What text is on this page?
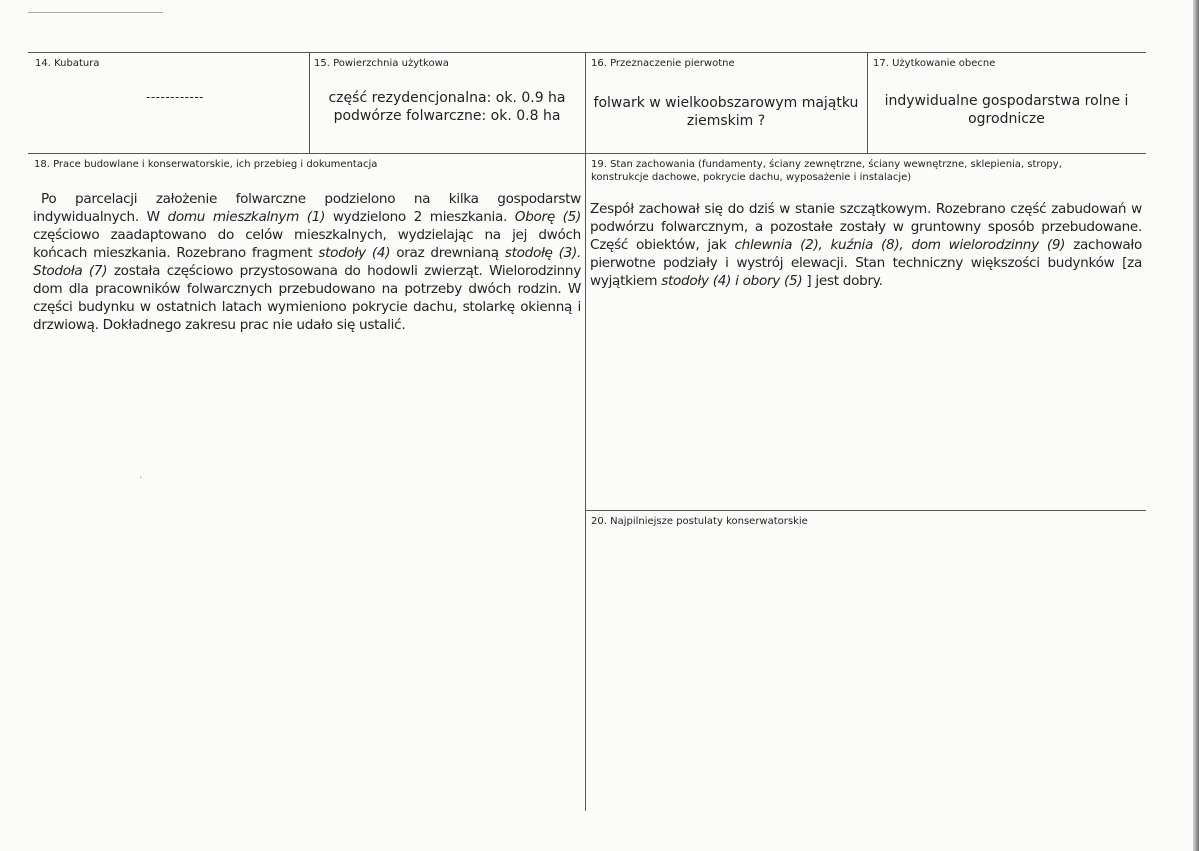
14. Kubatura
------------
15. Powierzchnia użytkowa
część rezydencjonalna: ok. 0.9 ha
podwórze folwarczne: ok. 0.8 ha
16. Przeznaczenie pierwotne
folwark w wielkoobszarowym majątku
ziemskim ?
17. Użytkowanie obecne
indywidualne gospodarstwa rolne i
ogrodnicze
18. Prace budowlane i konserwatorskie, ich przebieg i dokumentacja
Po parcelacji założenie folwarczne podzielono na kilka gospodarstw indywidualnych. W domu mieszkalnym (1) wydzielono 2 mieszkania. Oborę (5) częściowo zaadaptowano do celów mieszkalnych, wydzielając na jej dwóch końcach mieszkania. Rozebrano fragment stodoły (4) oraz drewnianą stodołę (3). Stodoła (7) została częściowo przystosowana do hodowli zwierząt. Wielorodzinny dom dla pracowników folwarcznych przebudowano na potrzeby dwóch rodzin. W części budynku w ostatnich latach wymieniono pokrycie dachu, stolarkę okienną i drzwiową. Dokładnego zakresu prac nie udało się ustalić.
·
19. Stan zachowania (fundamenty, ściany zewnętrzne, ściany wewnętrzne, sklepienia, stropy,
konstrukcje dachowe, pokrycie dachu, wyposażenie i instalacje)
Zespół zachował się do dziś w stanie szczątkowym. Rozebrano część zabudowań w podwórzu folwarcznym, a pozostałe zostały w gruntowny sposób przebudowane. Część obiektów, jak chlewnia (2), kuźnia (8), dom wielorodzinny (9) zachowało pierwotne podziały i wystrój elewacji. Stan techniczny większości budynków [za wyjątkiem stodoły (4) i obory (5) ] jest dobry.
20. Najpilniejsze postulaty konserwatorskie
